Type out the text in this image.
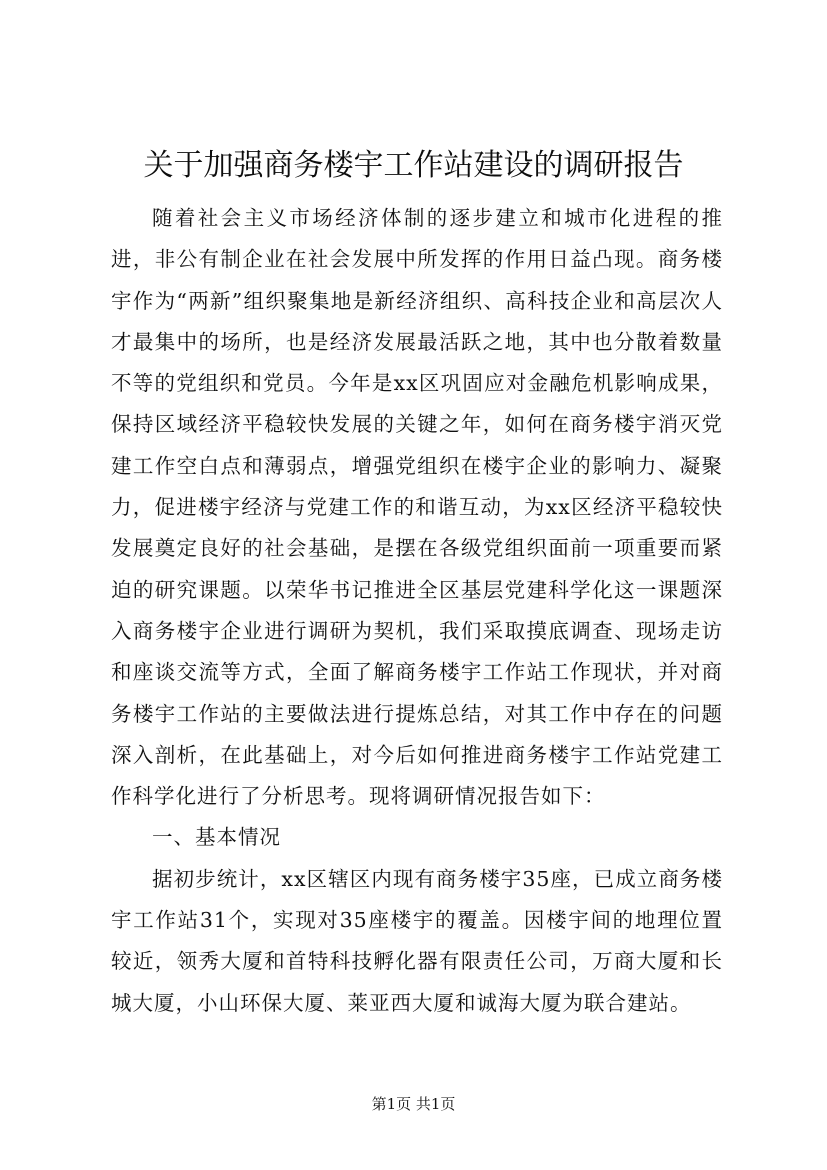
关于加强商务楼宇工作站建设的调研报告

随着社会主义市场经济体制的逐步建立和城市化进程的推进，非公有制企业在社会发展中所发挥的作用日益凸现。商务楼宇作为“两新”组织聚集地是新经济组织、高科技企业和高层次人才最集中的场所，也是经济发展最活跃之地，其中也分散着数量不等的党组织和党员。今年是xx区巩固应对金融危机影响成果，保持区域经济平稳较快发展的关键之年，如何在商务楼宇消灭党建工作空白点和薄弱点，增强党组织在楼宇企业的影响力、凝聚力，促进楼宇经济与党建工作的和谐互动，为xx区经济平稳较快发展奠定良好的社会基础，是摆在各级党组织面前一项重要而紧迫的研究课题。以荣华书记推进全区基层党建科学化这一课题深入商务楼宇企业进行调研为契机，我们采取摸底调查、现场走访和座谈交流等方式，全面了解商务楼宇工作站工作现状，并对商务楼宇工作站的主要做法进行提炼总结，对其工作中存在的问题深入剖析，在此基础上，对今后如何推进商务楼宇工作站党建工作科学化进行了分析思考。现将调研情况报告如下：

一、基本情况

据初步统计，xx区辖区内现有商务楼宇35座，已成立商务楼宇工作站31个，实现对35座楼宇的覆盖。因楼宇间的地理位置较近，领秀大厦和首特科技孵化器有限责任公司，万商大厦和长城大厦，小山环保大厦、莱亚西大厦和诚海大厦为联合建站。

第1页 共1页
